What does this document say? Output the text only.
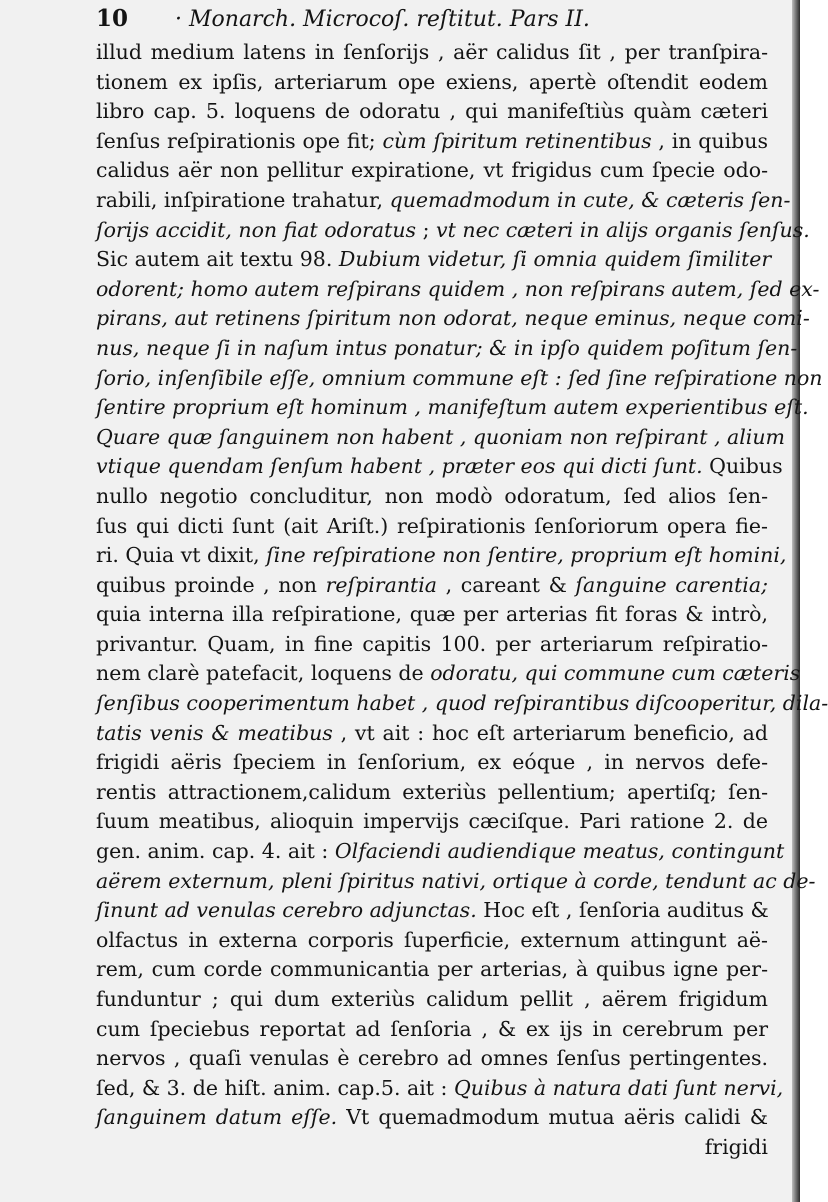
10 · Monarch. Microcoſ. reſtitut. Pars II.
illud medium latens in ſenſorijs , aër calidus ſit , per tranſpira-
tionem ex ipſis, arteriarum ope exiens, apertè oſtendit eodem
libro cap. 5. loquens de odoratu , qui manifeſtiùs quàm cæteri
ſenſus reſpirationis ope fit; cùm ſpiritum retinentibus , in quibus
calidus aër non pellitur expiratione, vt frigidus cum ſpecie odo-
rabili, inſpiratione trahatur, quemadmodum in cute, & cæteris ſen-
ſorijs accidit, non fiat odoratus ; vt nec cæteri in alijs organis ſenſus.
Sic autem ait textu 98. Dubium videtur, ſi omnia quidem ſimiliter
odorent; homo autem reſpirans quidem , non reſpirans autem, ſed ex-
pirans, aut retinens ſpiritum non odorat, neque eminus, neque comi-
nus, neque ſi in naſum intus ponatur; & in ipſo quidem poſitum ſen-
ſorio, inſenſibile eſſe, omnium commune eſt : ſed ſine reſpiratione non
ſentire proprium eſt hominum , manifeſtum autem experientibus eſt.
Quare quæ ſanguinem non habent , quoniam non reſpirant , alium
vtique quendam ſenſum habent , præter eos qui dicti ſunt. Quibus
nullo negotio concluditur, non modò odoratum, ſed alios ſen-
ſus qui dicti ſunt (ait Ariſt.) reſpirationis ſenſoriorum opera fie-
ri. Quia vt dixit, ſine reſpiratione non ſentire, proprium eſt homini,
quibus proinde , non reſpirantia , careant & ſanguine carentia;
quia interna illa reſpiratione, quæ per arterias fit foras & intrò,
privantur. Quam, in fine capitis 100. per arteriarum reſpiratio-
nem clarè patefacit, loquens de odoratu, qui commune cum cæteris
ſenſibus cooperimentum habet , quod reſpirantibus diſcooperitur, dila-
tatis venis & meatibus , vt ait : hoc eſt arteriarum beneficio, ad
frigidi aëris ſpeciem in ſenſorium, ex eóque , in nervos defe-
rentis attractionem,calidum exteriùs pellentium; apertiſq; ſen-
ſuum meatibus, alioquin impervijs cæciſque. Pari ratione 2. de
gen. anim. cap. 4. ait : Olfaciendi audiendique meatus, contingunt
aërem externum, pleni ſpiritus nativi, ortique à corde, tendunt ac de-
ſinunt ad venulas cerebro adjunctas. Hoc eſt , ſenſoria auditus &
olfactus in externa corporis ſuperficie, externum attingunt aë-
rem, cum corde communicantia per arterias, à quibus igne per-
funduntur ; qui dum exteriùs calidum pellit , aërem frigidum
cum ſpeciebus reportat ad ſenſoria , & ex ijs in cerebrum per
nervos , quaſi venulas è cerebro ad omnes ſenſus pertingentes.
ſed, & 3. de hiſt. anim. cap.5. ait : Quibus à natura dati ſunt nervi,
ſanguinem datum eſſe. Vt quemadmodum mutua aëris calidi &
frigidi
